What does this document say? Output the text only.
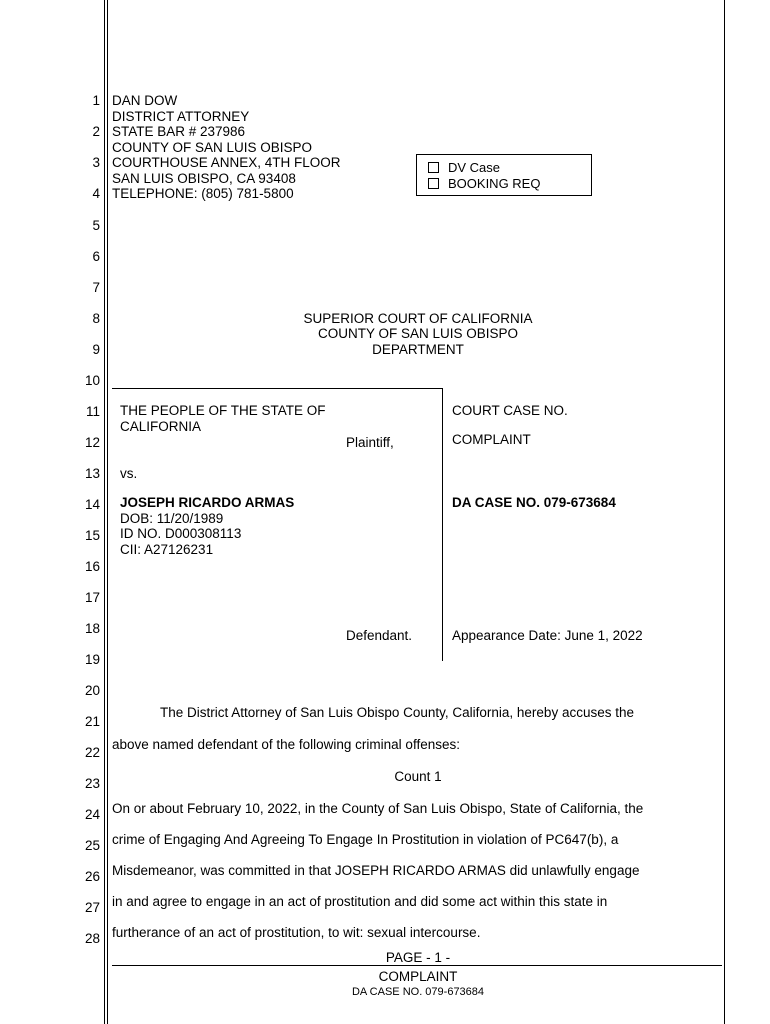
1
2
3
4
5
6
7
8
9
10
11
12
13
14
15
16
17
18
19
20
21
22
23
24
25
26
27
28
DAN DOW
DISTRICT ATTORNEY
STATE BAR # 237986
COUNTY OF SAN LUIS OBISPO
COURTHOUSE ANNEX, 4TH FLOOR
SAN LUIS OBISPO, CA 93408
TELEPHONE: (805) 781-5800
DV Case
BOOKING REQ
SUPERIOR COURT OF CALIFORNIA
COUNTY OF SAN LUIS OBISPO
DEPARTMENT
THE PEOPLE OF THE STATE OF
CALIFORNIA
Plaintiff,
vs.
JOSEPH RICARDO ARMAS
DOB: 11/20/1989
ID NO. D000308113
CII: A27126231
Defendant.
COURT CASE NO.
COMPLAINT
DA CASE NO. 079-673684
Appearance Date: June 1, 2022
The District Attorney of San Luis Obispo County, California, hereby accuses the
above named defendant of the following criminal offenses:
Count 1
On or about February 10, 2022, in the County of San Luis Obispo, State of California, the
crime of Engaging And Agreeing To Engage In Prostitution in violation of PC647(b), a
Misdemeanor, was committed in that JOSEPH RICARDO ARMAS did unlawfully engage
in and agree to engage in an act of prostitution and did some act within this state in
furtherance of an act of prostitution, to wit: sexual intercourse.
PAGE - 1 -
COMPLAINT
DA CASE NO. 079-673684
